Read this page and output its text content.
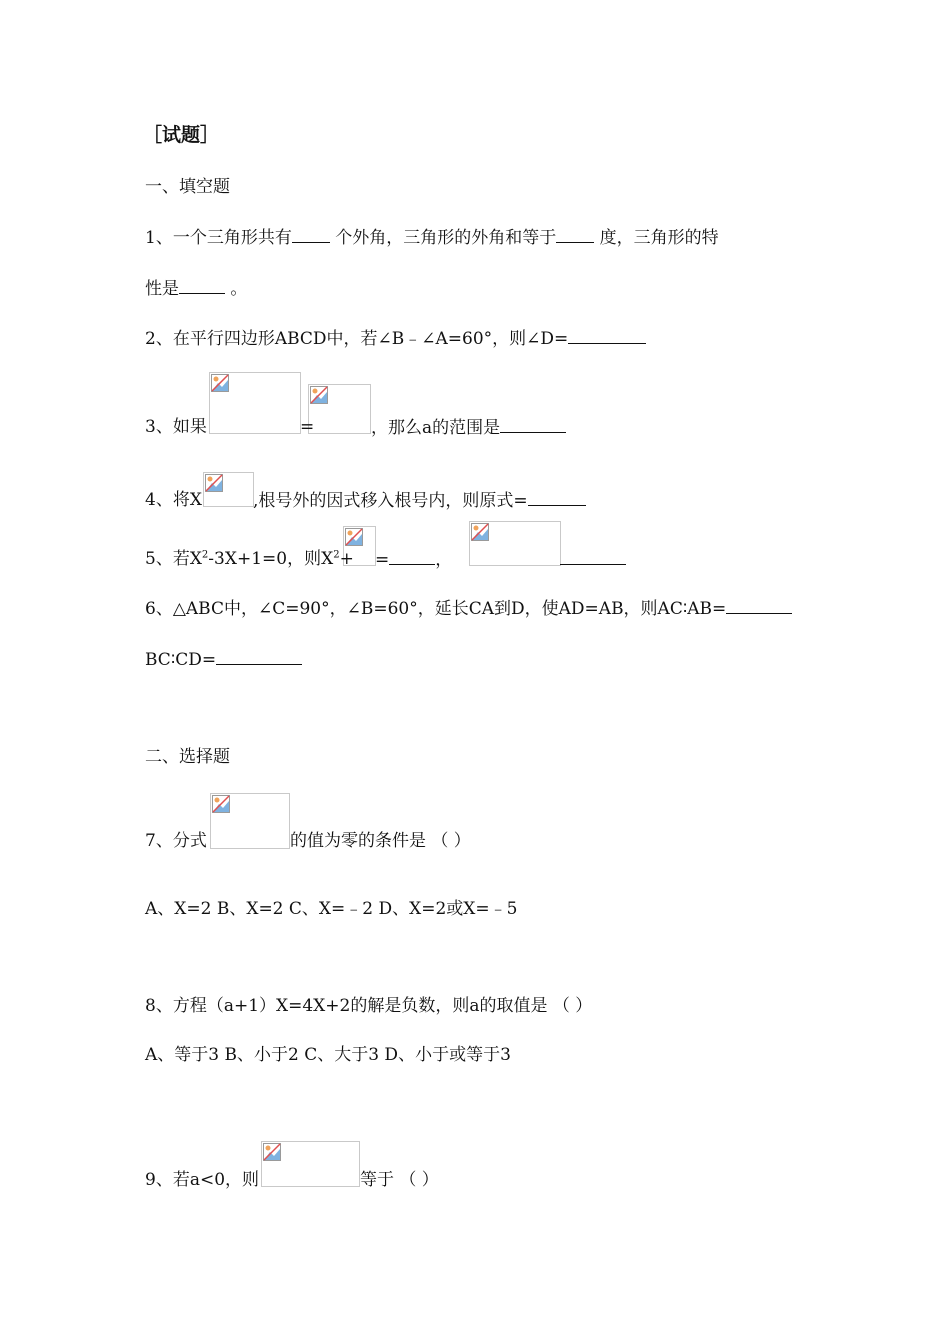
［试题］
一、填空题
1、一个三角形共有 个外角，三角形的外角和等于 度，三角形的特
性是	。
2、在平行四边形ABCD中，若∠B﹣∠A=60°，则∠D=
3、如果	=	，那么a的范围是
4、将X	,根号外的因式移入根号内，则原式=
5、若$X^2-3X+1=0$，则$X^2+$ =	，
6、△ABC中，∠C=90°，∠B=60°，延长CA到D，使AD=AB，则AC∶AB=
BC∶CD=
二、选择题
7、分式	的值为零的条件是 （ ）
A、X=2 B、X=2 C、X=﹣2 D、X=2或X=﹣5
8、方程（a+1）X=4X+2的解是负数，则a的取值是 （ ）
A、等于3 B、小于2 C、大于3 D、小于或等于3
9、若a<0，则	等于 （ ）
